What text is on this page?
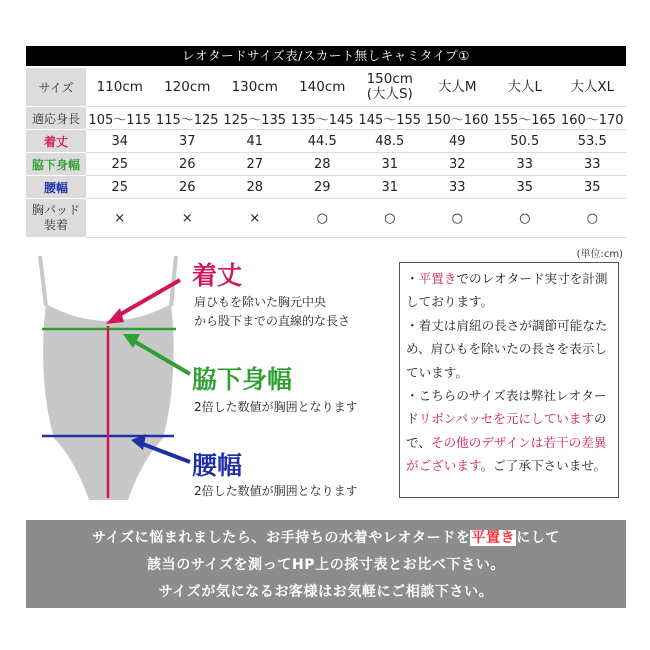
レオタードサイズ表/スカート無しキャミタイプ①
サイズ	110cm	120cm	130cm	140cm	150cm
(大人S)	大人M	大人L	大人XL
適応身長	105～115	115～125	125～135	135～145	145～155	150～160	155～165	160～170
着丈	34	37	41	44.5	48.5	49	50.5	53.5
脇下身幅	25	26	27	28	31	32	33	33
腰幅	25	26	28	29	31	33	35	35
胸パッド
装着	×	×	×	○	○	○	○	○
(単位:cm)
着丈
肩ひもを除いた胸元中央
から股下までの直線的な長さ
脇下身幅
2倍した数値が胸囲となります
腰幅
2倍した数値が胴囲となります

・平置きでのレオタード実寸を計測しております。

・着丈は肩紐の長さが調節可能なため、肩ひもを除いたの長さを表示しています。

・こちらのサイズ表は弊社レオタードリボンパッセを元にしていますので、その他のデザインは若干の差異がございます。ご了承下さいませ。

サイズに悩まれましたら、お手持ちの水着やレオタードを平置きにして

該当のサイズを測ってHP上の採寸表とお比べ下さい。

サイズが気になるお客様はお気軽にご相談下さい。
